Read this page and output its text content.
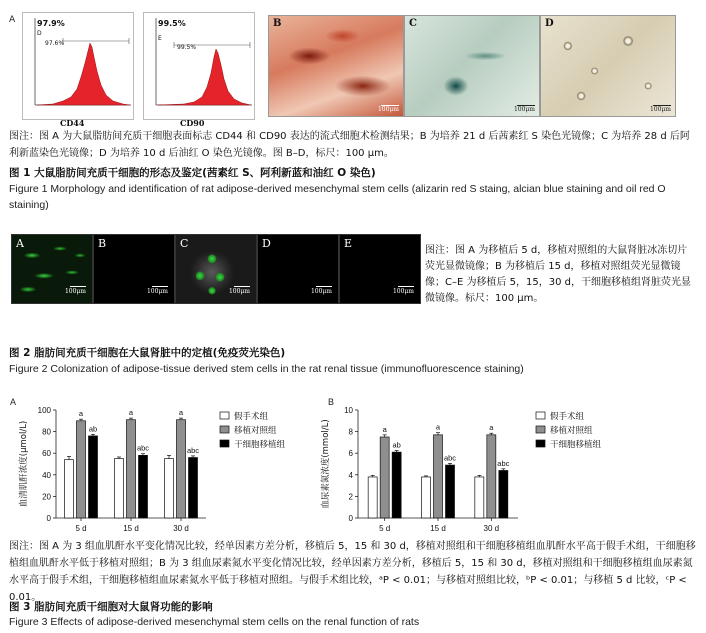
A	97.9%
D
97.6%
CD44
99.5%
E
99.5%
CD90
B
100μm
C
100μm
D
100μm
图注：图 A 为大鼠脂肪间充质干细胞表面标志 CD44 和 CD90 表达的流式细胞术检测结果；B 为培养 21 d 后茜素红 S 染色光镜像；C 为培养 28 d 后阿利新蓝染色光镜像；D 为培养 10 d 后油红 O 染色光镜像。图 B–D，标尺：100 μm。
图 1 大鼠脂肪间充质干细胞的形态及鉴定(茜素红 S、阿利新蓝和油红 O 染色)
Figure 1 Morphology and identification of rat adipose-derived mesenchymal stem cells (alizarin red S staing, alcian blue staining and oil red O staining)
A
100μm
B
100μm
C
100μm
D
100μm
E
100μm
图注：图 A 为移植后 5 d，移植对照组的大鼠肾脏冰冻切片荧光显微镜像；B 为移植后 15 d，移植对照组荧光显微镜像；C–E 为移植后 5，15，30 d，干细胞移植组肾脏荧光显微镜像。标尺：100 μm。
图 2 脂肪间充质干细胞在大鼠肾脏中的定植(免疫荧光染色)
Figure 2 Colonization of adipose-tissue derived stem cells in the rat renal tissue (immunofluorescence staining)
A
血清肌酐浓度(μmol/L)
0
20
40
60
80
100
5 d
a
ab
15 d
a
abc
30 d
a
abc
假手术组
移植对照组
干细胞移植组
B
血尿素氮浓度(mmol/L)
0
2
4
6
8
10
5 d
a
ab
15 d
a
abc
30 d
a
abc
假手术组
移植对照组
干细胞移植组
图注：图 A 为 3 组血肌酐水平变化情况比较，经单因素方差分析，移植后 5，15 和 30 d，移植对照组和干细胞移植组血肌酐水平高于假手术组，干细胞移植组血肌酐水平低于移植对照组；B 为 3 组血尿素氮水平变化情况比较，经单因素方差分析，移植后 5，15 和 30 d，移植对照组和干细胞移植组血尿素氮水平高于假手术组，干细胞移植组血尿素氮水平低于移植对照组。与假手术组比较，ᵃP < 0.01；与移植对照组比较，ᵇP < 0.01；与移植 5 d 比较，ᶜP < 0.01。
图 3 脂肪间充质干细胞对大鼠肾功能的影响
Figure 3 Effects of adipose-derived mesenchymal stem cells on the renal function of rats
